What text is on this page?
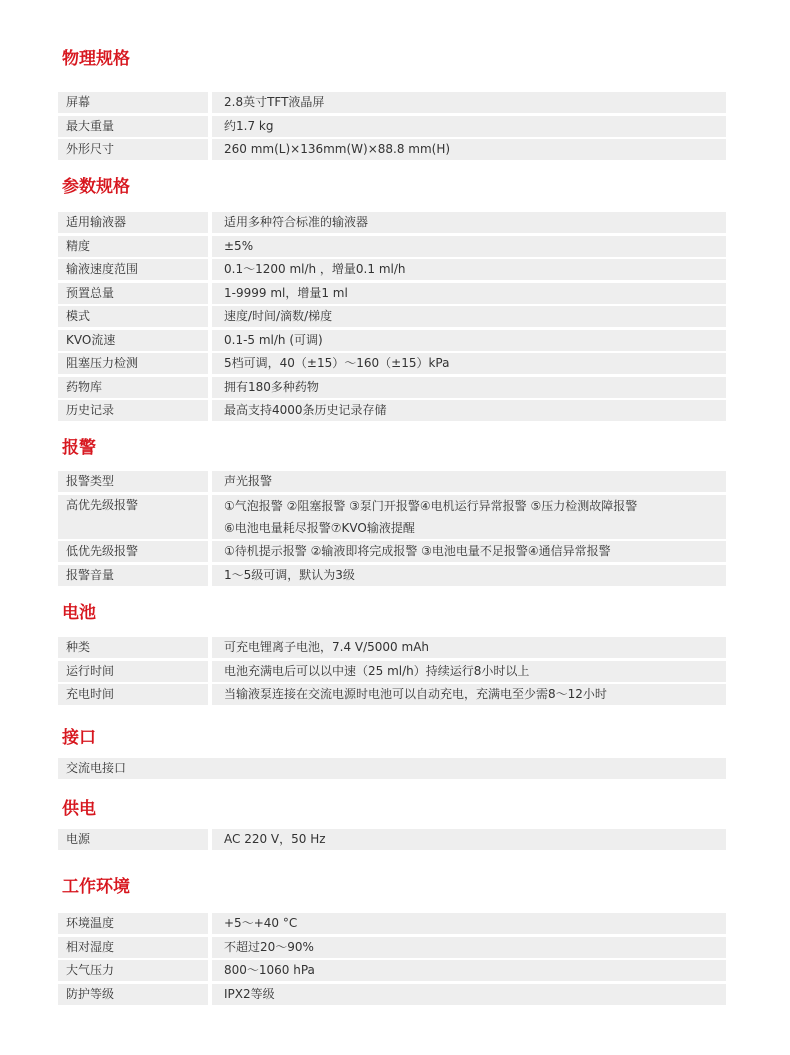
物理规格
屏幕	2.8英寸TFT液晶屏
最大重量	约1.7 kg
外形尺寸	260 mm(L)×136mm(W)×88.8 mm(H)
参数规格
适用输液器	适用多种符合标准的输液器
精度	±5%
输液速度范围	0.1～1200 ml/h ，增量0.1 ml/h
预置总量	1-9999 ml，增量1 ml
模式	速度/时间/滴数/梯度
KVO流速	0.1-5 ml/h (可调)
阻塞压力检测	5档可调，40（±15）～160（±15）kPa
药物库	拥有180多种药物
历史记录	最高支持4000条历史记录存储
报警
报警类型	声光报警
高优先级报警	①气泡报警 ②阻塞报警 ③泵门开报警④电机运行异常报警 ⑤压力检测故障报警
⑥电池电量耗尽报警⑦KVO输液提醒
低优先级报警	①待机提示报警 ②输液即将完成报警 ③电池电量不足报警④通信异常报警
报警音量	1～5级可调，默认为3级
电池
种类	可充电锂离子电池，7.4 V/5000 mAh
运行时间	电池充满电后可以以中速（25 ml/h）持续运行8小时以上
充电时间	当输液泵连接在交流电源时电池可以自动充电，充满电至少需8～12小时
接口
交流电接口
供电
电源	AC 220 V，50 Hz
工作环境
环境温度	+5～+40 °C
相对湿度	不超过20～90%
大气压力	800～1060 hPa
防护等级	IPX2等级
